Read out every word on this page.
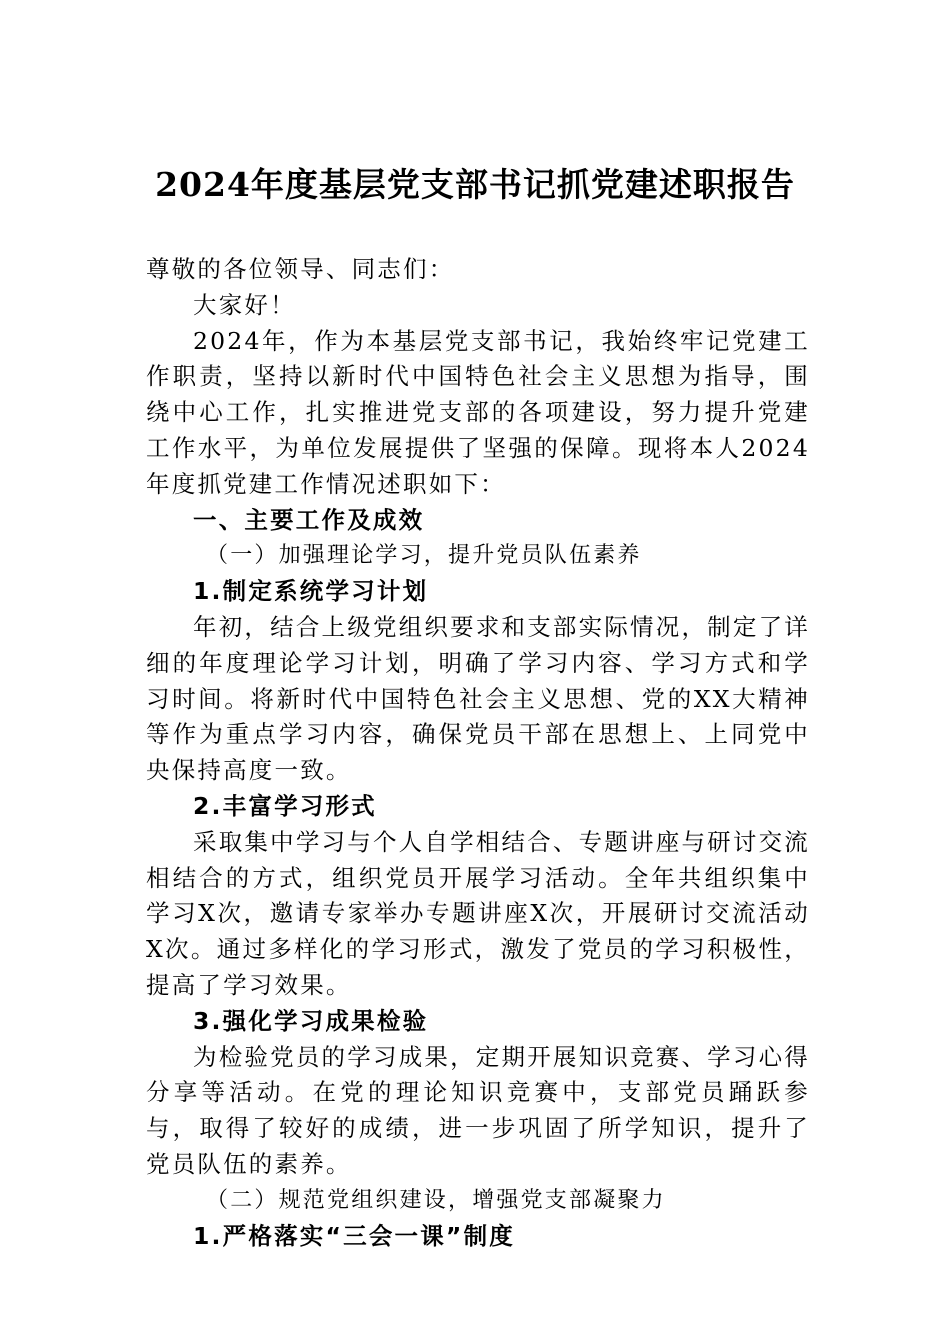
2024年度基层党支部书记抓党建述职报告

尊敬的各位领导、同志们：

大家好！

2024年，作为本基层党支部书记，我始终牢记党建工作职责，坚持以新时代中国特色社会主义思想为指导，围绕中心工作，扎实推进党支部的各项建设，努力提升党建工作水平，为单位发展提供了坚强的保障。现将本人2024年度抓党建工作情况述职如下：

一、主要工作及成效

（一）加强理论学习，提升党员队伍素养

1.制定系统学习计划

年初，结合上级党组织要求和支部实际情况，制定了详细的年度理论学习计划，明确了学习内容、学习方式和学习时间。将新时代中国特色社会主义思想、党的XX大精神等作为重点学习内容，确保党员干部在思想上、上同党中央保持高度一致。

2.丰富学习形式

采取集中学习与个人自学相结合、专题讲座与研讨交流相结合的方式，组织党员开展学习活动。全年共组织集中学习X次，邀请专家举办专题讲座X次，开展研讨交流活动X次。通过多样化的学习形式，激发了党员的学习积极性，提高了学习效果。

3.强化学习成果检验

为检验党员的学习成果，定期开展知识竞赛、学习心得分享等活动。在党的理论知识竞赛中，支部党员踊跃参与，取得了较好的成绩，进一步巩固了所学知识，提升了党员队伍的素养。

（二）规范党组织建设，增强党支部凝聚力

1.严格落实“三会一课”制度
